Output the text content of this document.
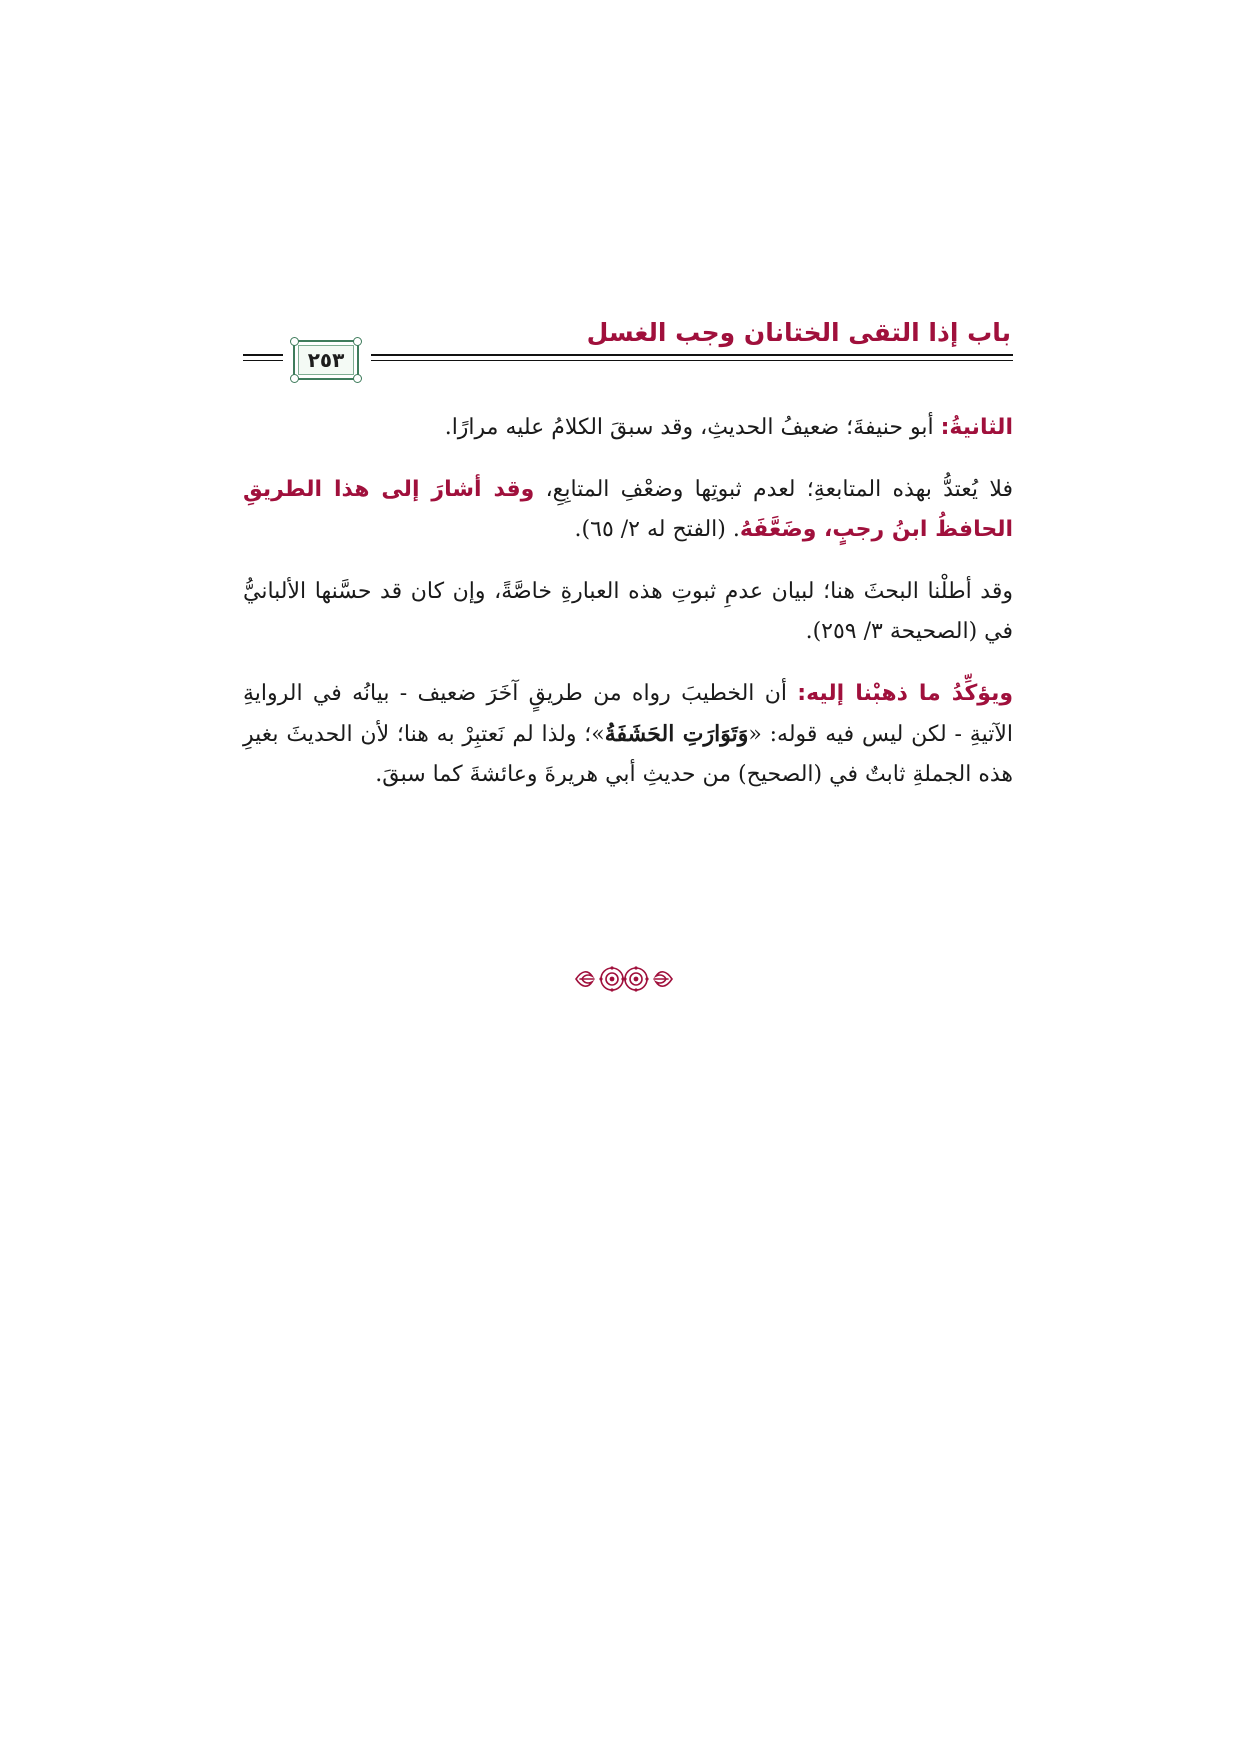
باب إذا التقى الختانان وجب الغسل
٢٥٣

الثانيةُ: أبو حنيفةَ؛ ضعيفُ الحديثِ، وقد سبقَ الكلامُ عليه مرارًا.

فلا يُعتدُّ بهذه المتابعةِ؛ لعدم ثبوتِها وضعْفِ المتابِعِ، وقد أشارَ إلى هذا الطريقِ الحافظُ ابنُ رجبٍ، وضَعَّفَهُ. (الفتح له ٢/ ٦٥).

وقد أطلْنا البحثَ هنا؛ لبيان عدمِ ثبوتِ هذه العبارةِ خاصَّةً، وإن كان قد حسَّنها الألبانيُّ في (الصحيحة ٣/ ٢٥٩).

ويؤكِّدُ ما ذهبْنا إليه: أن الخطيبَ رواه من طريقٍ آخَرَ ضعيف - بيانُه في الروايةِ الآتيةِ - لكن ليس فيه قوله: «وَتَوَارَتِ الحَشَفَةُ»؛ ولذا لم نَعتبِرْ به هنا؛ لأن الحديثَ بغيرِ هذه الجملةِ ثابتٌ في (الصحيح) من حديثِ أبي هريرةَ وعائشةَ كما سبقَ.
